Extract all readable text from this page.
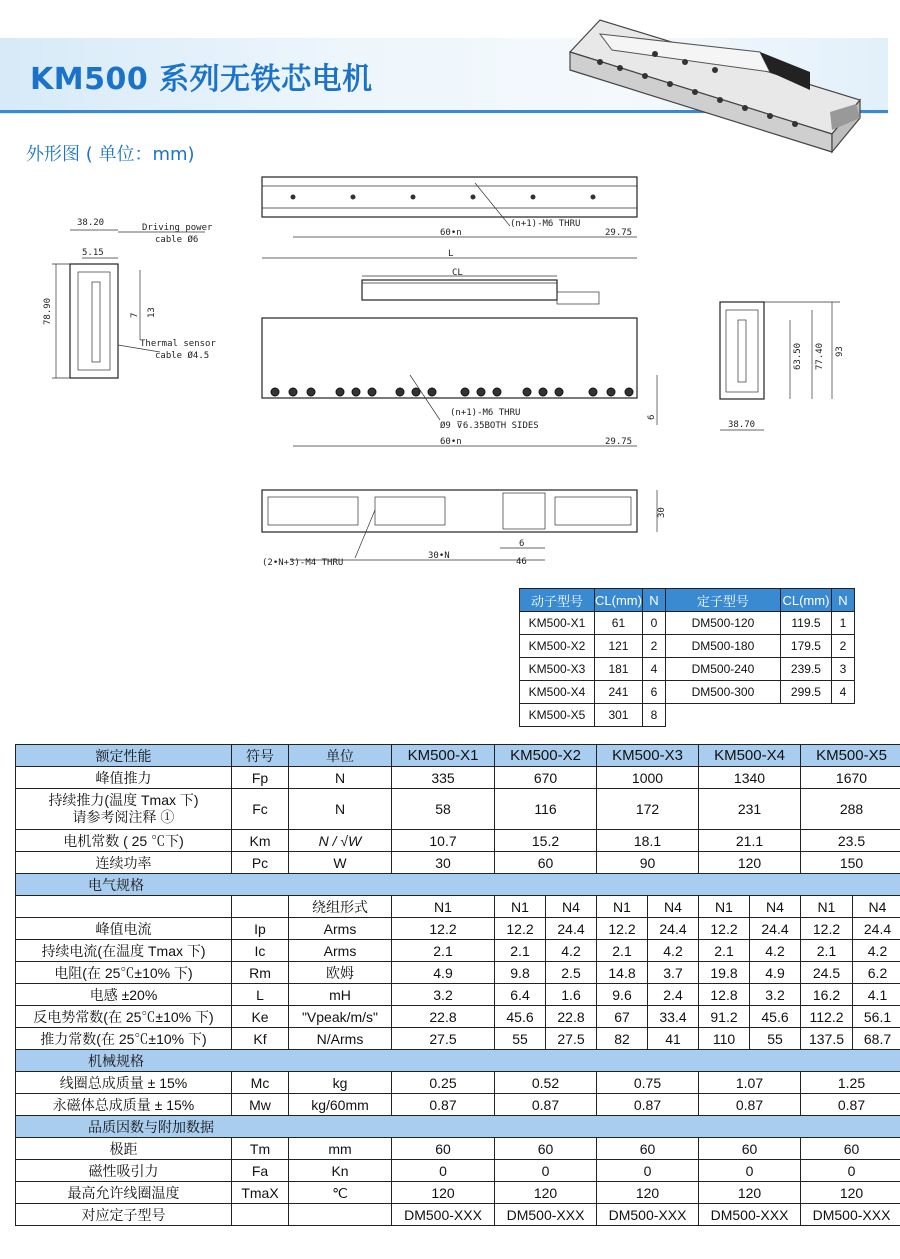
KM500 系列无铁芯电机
外形图 ( 单位：mm)
38.20
5.15
78.90	7 13
Driving power
cable Ø6
Thermal sensor
cable Ø4.5
(n+1)-M6 THRU
60•n	29.75
L
CL
(n+1)-M6 THRU
Ø9 ⊽6.35BOTH SIDES
60•n	29.75
6
63.50 77.40 93
38.70
(2•N+3)-M4 THRU
30•N
6
46
30
动子型号	CL(mm)	N	定子型号	CL(mm)	N
KM500-X1	61	0	DM500-120	119.5	1
KM500-X2	121	2	DM500-180	179.5	2
KM500-X3	181	4	DM500-240	239.5	3
KM500-X4	241	6	DM500-300	299.5	4
KM500-X5	301	8			
额定性能	符号	单位	KM500-X1	KM500-X2		KM500-X3		KM500-X4		KM500-X5	
峰值推力	Fp	N	335	670		1000		1340		1670	
持续推力(温度 Tmax 下)
请参考阅注释 ①	Fc	N	58	116		172		231		288	
电机常数 ( 25 ℃下)	Km	N / √W	10.7	15.2		18.1		21.1		23.5	
连续功率	Pc	W	30	60		90		120		150	
电气规格											
		绕组形式	N1	N1	N4	N1	N4	N1	N4	N1	N4
峰值电流	Ip	Arms	12.2	12.2	24.4	12.2	24.4	12.2	24.4	12.2	24.4
持续电流(在温度 Tmax 下)	Ic	Arms	2.1	2.1	4.2	2.1	4.2	2.1	4.2	2.1	4.2
电阻(在 25℃±10% 下)	Rm	欧姆	4.9	9.8	2.5	14.8	3.7	19.8	4.9	24.5	6.2
电感 ±20%	L	mH	3.2	6.4	1.6	9.6	2.4	12.8	3.2	16.2	4.1
反电势常数(在 25℃±10% 下)	Ke	"Vpeak/m/s"	22.8	45.6	22.8	67	33.4	91.2	45.6	112.2	56.1
推力常数(在 25℃±10% 下)	Kf	N/Arms	27.5	55	27.5	82	41	110	55	137.5	68.7
机械规格											
线圈总成质量 ± 15%	Mc	kg	0.25	0.52		0.75		1.07		1.25	
永磁体总成质量 ± 15%	Mw	kg/60mm	0.87	0.87		0.87		0.87		0.87	
品质因数与附加数据											
极距	Tm	mm	60	60		60		60		60	
磁性吸引力	Fa	Kn	0	0		0		0		0	
最高允许线圈温度	TmaX	℃	120	120		120		120		120	
对应定子型号			DM500-XXX	DM500-XXX		DM500-XXX		DM500-XXX		DM500-XXX	
